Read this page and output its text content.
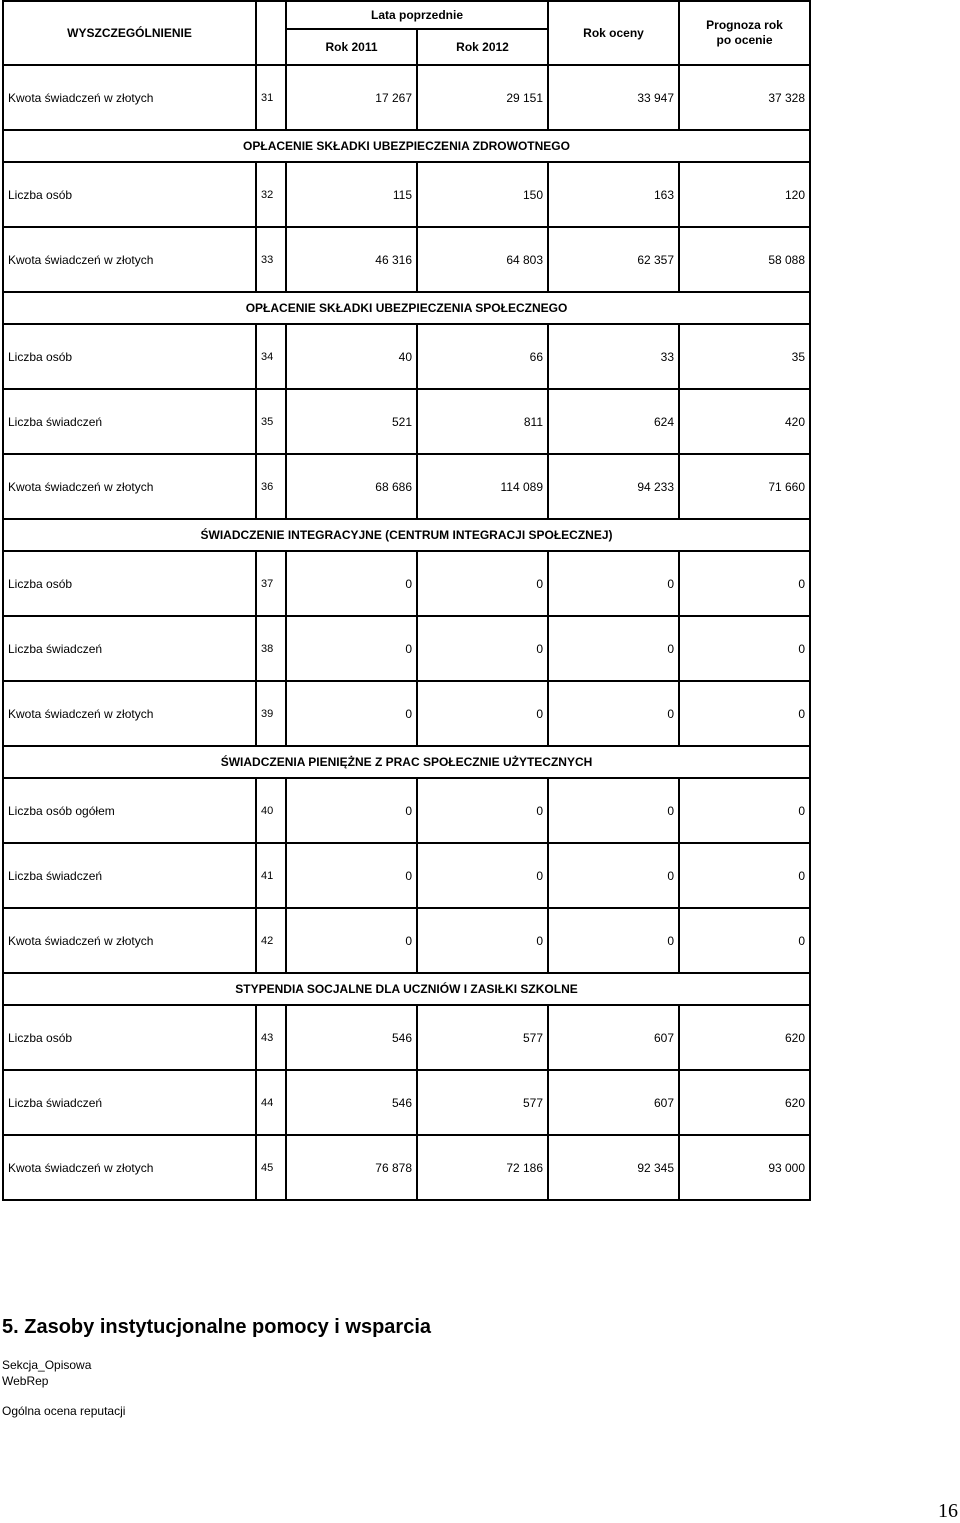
WYSZCZEGÓLNIENIE		Lata poprzednie		Rok oceny	Prognoza rok
po ocenie
		Rok 2011	Rok 2012		
Kwota świadczeń w złotych	31	17 267	29 151	33 947	37 328
OPŁACENIE SKŁADKI UBEZPIECZENIA ZDROWOTNEGO					
Liczba osób	32	115	150	163	120
Kwota świadczeń w złotych	33	46 316	64 803	62 357	58 088
OPŁACENIE SKŁADKI UBEZPIECZENIA SPOŁECZNEGO					
Liczba osób	34	40	66	33	35
Liczba świadczeń	35	521	811	624	420
Kwota świadczeń w złotych	36	68 686	114 089	94 233	71 660
ŚWIADCZENIE INTEGRACYJNE (CENTRUM INTEGRACJI SPOŁECZNEJ)					
Liczba osób	37	0	0	0	0
Liczba świadczeń	38	0	0	0	0
Kwota świadczeń w złotych	39	0	0	0	0
ŚWIADCZENIA PIENIĘŻNE Z PRAC SPOŁECZNIE UŻYTECZNYCH					
Liczba osób ogółem	40	0	0	0	0
Liczba świadczeń	41	0	0	0	0
Kwota świadczeń w złotych	42	0	0	0	0
STYPENDIA SOCJALNE DLA UCZNIÓW I ZASIŁKI SZKOLNE					
Liczba osób	43	546	577	607	620
Liczba świadczeń	44	546	577	607	620
Kwota świadczeń w złotych	45	76 878	72 186	92 345	93 000
5. Zasoby instytucjonalne pomocy i wsparcia
Sekcja_Opisowa
WebRep
Ogólna ocena reputacji
16
